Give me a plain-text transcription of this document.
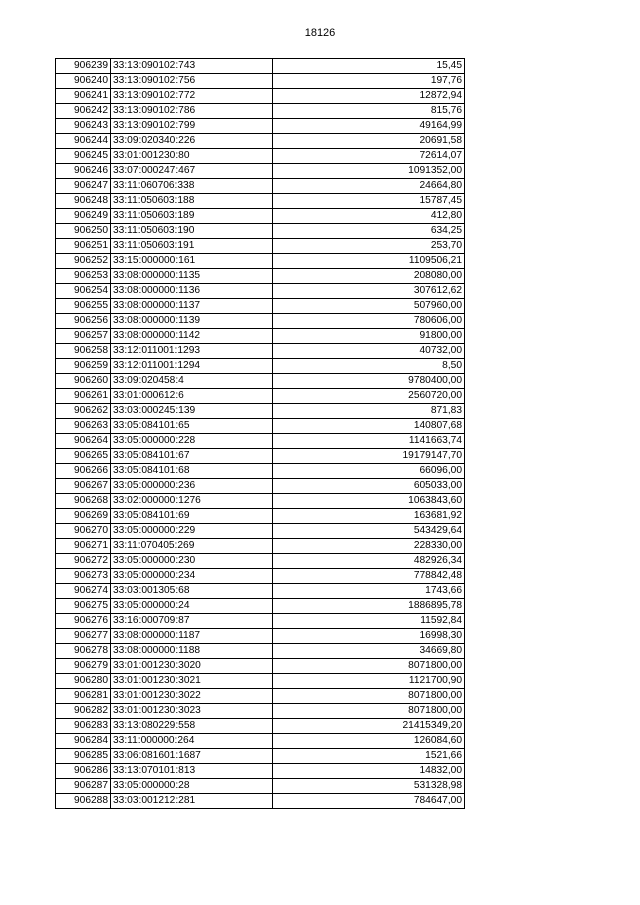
18126
906239	33:13:090102:743	15,45
906240	33:13:090102:756	197,76
906241	33:13:090102:772	12872,94
906242	33:13:090102:786	815,76
906243	33:13:090102:799	49164,99
906244	33:09:020340:226	20691,58
906245	33:01:001230:80	72614,07
906246	33:07:000247:467	1091352,00
906247	33:11:060706:338	24664,80
906248	33:11:050603:188	15787,45
906249	33:11:050603:189	412,80
906250	33:11:050603:190	634,25
906251	33:11:050603:191	253,70
906252	33:15:000000:161	1109506,21
906253	33:08:000000:1135	208080,00
906254	33:08:000000:1136	307612,62
906255	33:08:000000:1137	507960,00
906256	33:08:000000:1139	780606,00
906257	33:08:000000:1142	91800,00
906258	33:12:011001:1293	40732,00
906259	33:12:011001:1294	8,50
906260	33:09:020458:4	9780400,00
906261	33:01:000612:6	2560720,00
906262	33:03:000245:139	871,83
906263	33:05:084101:65	140807,68
906264	33:05:000000:228	1141663,74
906265	33:05:084101:67	19179147,70
906266	33:05:084101:68	66096,00
906267	33:05:000000:236	605033,00
906268	33:02:000000:1276	1063843,60
906269	33:05:084101:69	163681,92
906270	33:05:000000:229	543429,64
906271	33:11:070405:269	228330,00
906272	33:05:000000:230	482926,34
906273	33:05:000000:234	778842,48
906274	33:03:001305:68	1743,66
906275	33:05:000000:24	1886895,78
906276	33:16:000709:87	11592,84
906277	33:08:000000:1187	16998,30
906278	33:08:000000:1188	34669,80
906279	33:01:001230:3020	8071800,00
906280	33:01:001230:3021	1121700,90
906281	33:01:001230:3022	8071800,00
906282	33:01:001230:3023	8071800,00
906283	33:13:080229:558	21415349,20
906284	33:11:000000:264	126084,60
906285	33:06:081601:1687	1521,66
906286	33:13:070101:813	14832,00
906287	33:05:000000:28	531328,98
906288	33:03:001212:281	784647,00
